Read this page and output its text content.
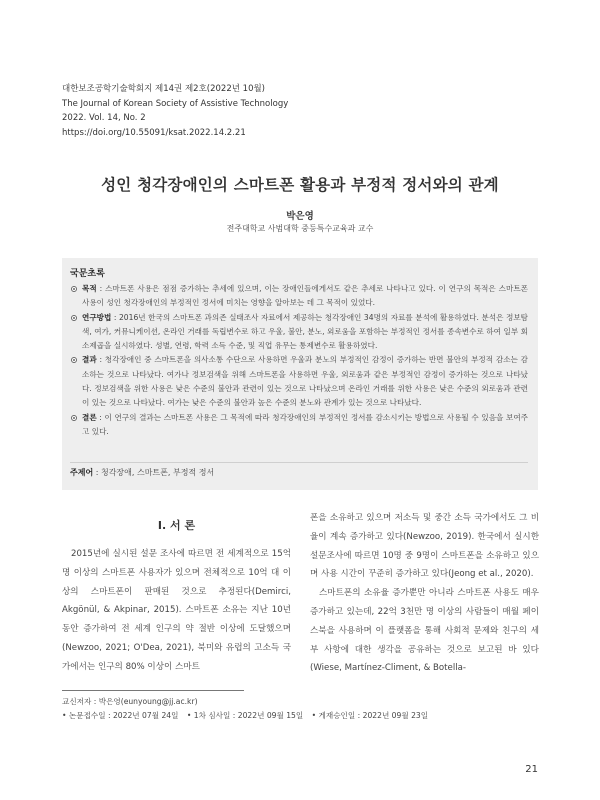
대한보조공학기술학회지 제14권 제2호(2022년 10월)
The Journal of Korean Society of Assistive Technology
2022. Vol. 14, No. 2
https://doi.org/10.55091/ksat.2022.14.2.21
성인 청각장애인의 스마트폰 활용과 부정적 정서와의 관계
박은영
전주대학교 사범대학 중등특수교육과 교수
국문초록
목적 : 스마트폰 사용은 점점 증가하는 추세에 있으며, 이는 장애인들에게서도 같은 추세로 나타나고 있다. 이 연구의 목적은 스마트폰 사용이 성인 청각장애인의 부정적인 정서에 미치는 영향을 알아보는 데 그 목적이 있었다.
연구방법 : 2016년 한국의 스마트폰 과의존 실태조사 자료에서 제공하는 청각장애인 34명의 자료를 분석에 활용하였다. 분석은 정보탐색, 여가, 커뮤니케이션, 온라인 거래를 독립변수로 하고 우울, 불안, 분노, 외로움을 포함하는 부정적인 정서를 종속변수로 하여 일부 회소제곱을 실시하였다. 성별, 연령, 학력 소득 수준, 및 직업 유무는 통제변수로 활용하였다.
결과 : 청각장애인 중 스마트폰을 의사소통 수단으로 사용하면 우울과 분노의 부정적인 감정이 증가하는 반면 불안의 부정적 감소는 감소하는 것으로 나타났다. 여가나 정보검색을 위해 스마트폰을 사용하면 우울, 외로움과 같은 부정적인 감정이 증가하는 것으로 나타났다. 정보검색을 위한 사용은 낮은 수준의 불안과 관련이 있는 것으로 나타났으며 온라인 거래를 위한 사용은 낮은 수준의 외로움과 관련이 있는 것으로 나타났다. 여가는 낮은 수준의 불안과 높은 수준의 분노와 관계가 있는 것으로 나타났다.
결론 : 이 연구의 결과는 스마트폰 사용은 그 목적에 따라 청각장애인의 부정적인 정서를 감소시키는 방법으로 사용될 수 있음을 보여주고 있다.
주제어 : 청각장애, 스마트폰, 부정적 정서
Ⅰ. 서 론

2015년에 실시된 설문 조사에 따르면 전 세계적으로 15억 명 이상의 스마트폰 사용자가 있으며 전체적으로 10억 대 이상의 스마트폰이 판매된 것으로 추정된다(Demirci, Akgönül, & Akpinar, 2015). 스마트폰 소유는 지난 10년 동안 증가하여 전 세계 인구의 약 절반 이상에 도달했으며(Newzoo, 2021; O'Dea, 2021), 북미와 유럽의 고소득 국가에서는 인구의 80% 이상이 스마트

폰을 소유하고 있으며 저소득 및 중간 소득 국가에서도 그 비율이 계속 증가하고 있다(Newzoo, 2019). 한국에서 실시한 설문조사에 따르면 10명 중 9명이 스마트폰을 소유하고 있으며 사용 시간이 꾸준히 증가하고 있다(Jeong et al., 2020).

스마트폰의 소유율 증가뿐만 아니라 스마트폰 사용도 매우 증가하고 있는데, 22억 3천만 명 이상의 사람들이 매월 페이스북을 사용하며 이 플랫폼을 통해 사회적 문제와 친구의 세부 사항에 대한 생각을 공유하는 것으로 보고된 바 있다(Wiese, Martínez-Climent, & Botella-

교신저자 : 박은영(eunyoung@jj.ac.kr)
• 논문접수일 : 2022년 07월 24일 • 1차 심사일 : 2022년 09월 15일 • 게재승인일 : 2022년 09월 23일
21
